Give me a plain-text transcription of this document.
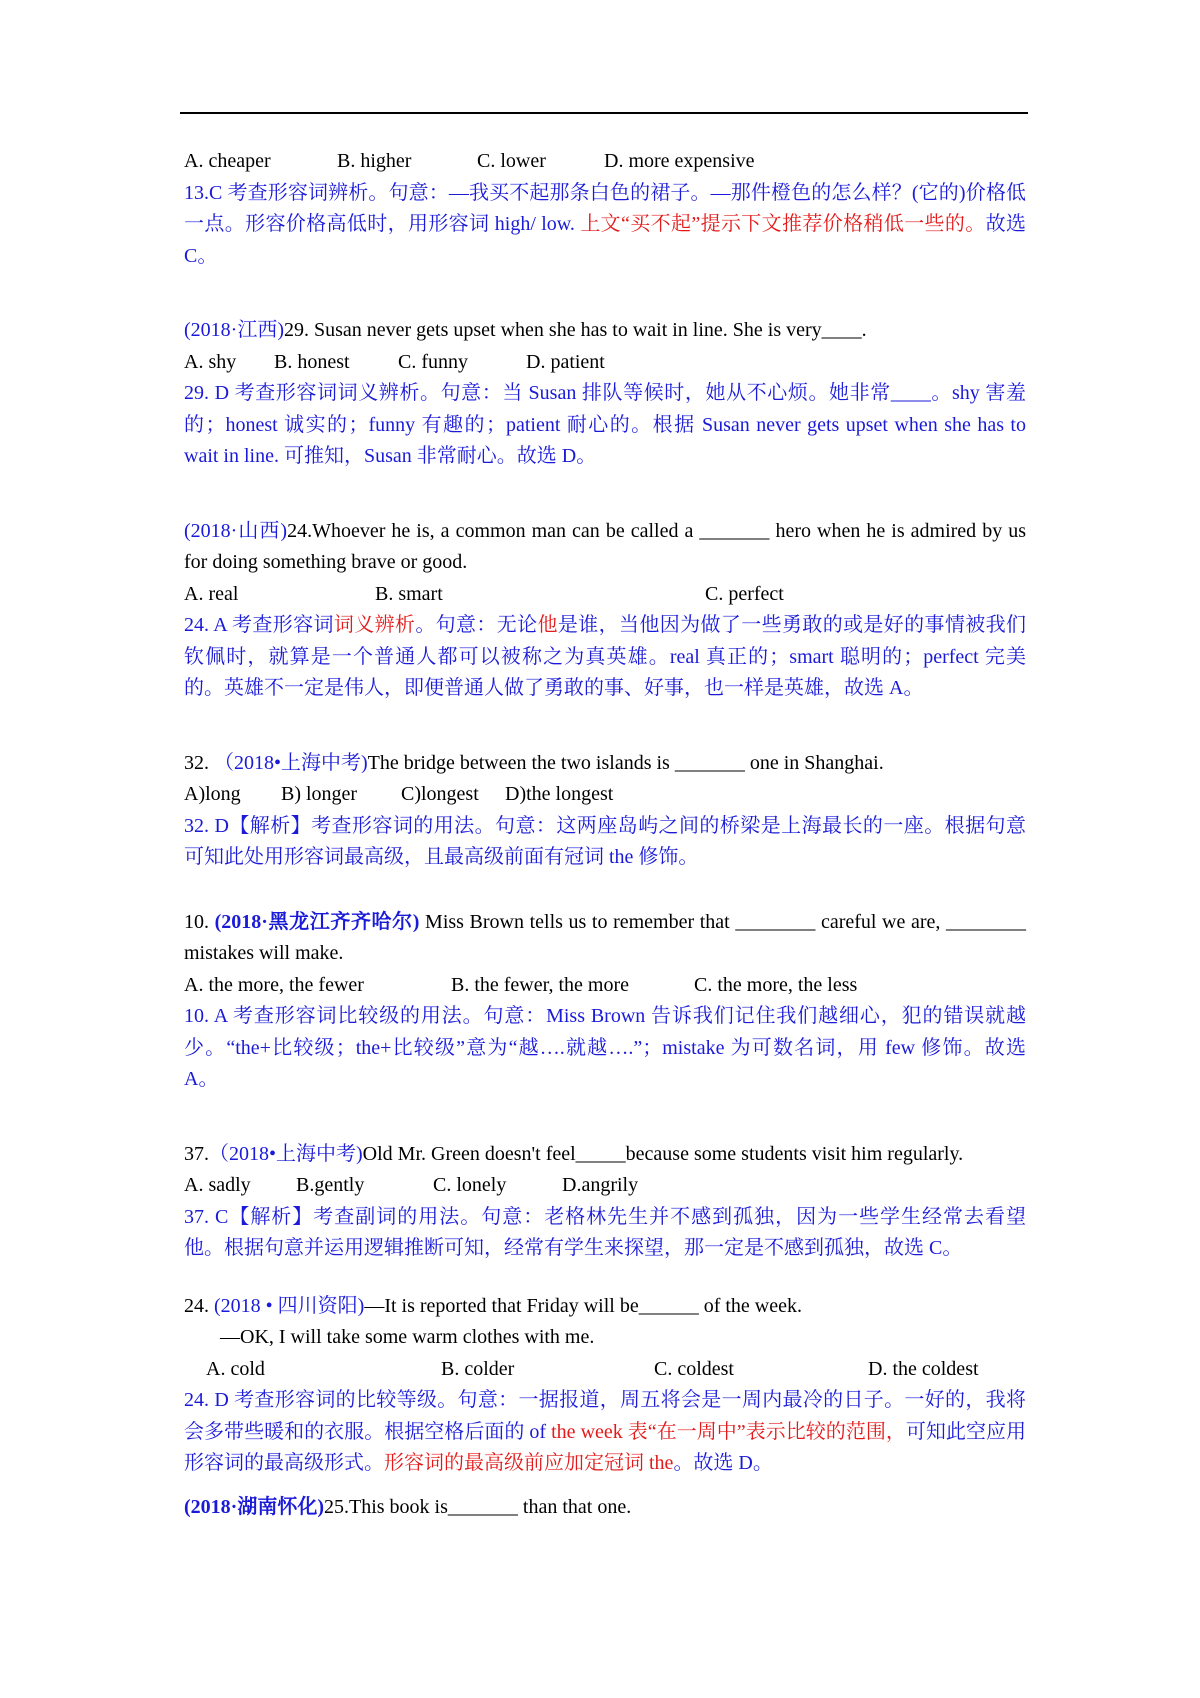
A. cheaper	B. higher	C. lower	D. more expensive
13.C 考查形容词辨析。句意：—我买不起那条白色的裙子。—那件橙色的怎么样？(它的)价格低一点。形容价格高低时，用形容词 high/ low. 上文“买不起”提示下文推荐价格稍低一些的。故选 C。
(2018·江西)29. Susan never gets upset when she has to wait in line. She is very____.
A. shy	B. honest	C. funny	D. patient
29. D 考查形容词词义辨析。句意：当 Susan 排队等候时，她从不心烦。她非常____。shy 害羞的；honest 诚实的；funny 有趣的；patient 耐心的。根据 Susan never gets upset when she has to wait in line. 可推知，Susan 非常耐心。故选 D。
(2018·山西)24.Whoever he is, a common man can be called a _______ hero when he is admired by us for doing something brave or good.
A. real	B. smart	C. perfect
24. A 考查形容词词义辨析。句意：无论他是谁，当他因为做了一些勇敢的或是好的事情被我们钦佩时，就算是一个普通人都可以被称之为真英雄。real 真正的；smart 聪明的；perfect 完美的。英雄不一定是伟人，即便普通人做了勇敢的事、好事，也一样是英雄，故选 A。
32. （2018•上海中考)The bridge between the two islands is _______ one in Shanghai.
A)long	B) longer	C)longest	D)the longest
32. D【解析】考查形容词的用法。句意：这两座岛屿之间的桥梁是上海最长的一座。根据句意可知此处用形容词最高级，且最高级前面有冠词 the 修饰。
10. (2018·黑龙江齐齐哈尔) Miss Brown tells us to remember that ________ careful we are, ________ mistakes will make.
A. the more, the fewer	B. the fewer, the more	C. the more, the less
10. A 考查形容词比较级的用法。句意：Miss Brown 告诉我们记住我们越细心，犯的错误就越少。“the+比较级；the+比较级”意为“越….就越….”；mistake 为可数名词，用 few 修饰。故选 A。
37.（2018•上海中考)Old Mr. Green doesn't feel_____because some students visit him regularly.
A. sadly	B.gently	C. lonely	D.angrily
37. C【解析】考查副词的用法。句意：老格林先生并不感到孤独，因为一些学生经常去看望他。根据句意并运用逻辑推断可知，经常有学生来探望，那一定是不感到孤独，故选 C。
24. (2018 • 四川资阳)—It is reported that Friday will be______ of the week.
—OK, I will take some warm clothes with me.
A. cold	B. colder	C. coldest	D. the coldest
24. D 考查形容词的比较等级。句意：一据报道，周五将会是一周内最冷的日子。一好的，我将会多带些暖和的衣服。根据空格后面的 of the week 表“在一周中”表示比较的范围，可知此空应用形容词的最高级形式。形容词的最高级前应加定冠词 the。故选 D。
(2018·湖南怀化)25.This book is_______ than that one.
